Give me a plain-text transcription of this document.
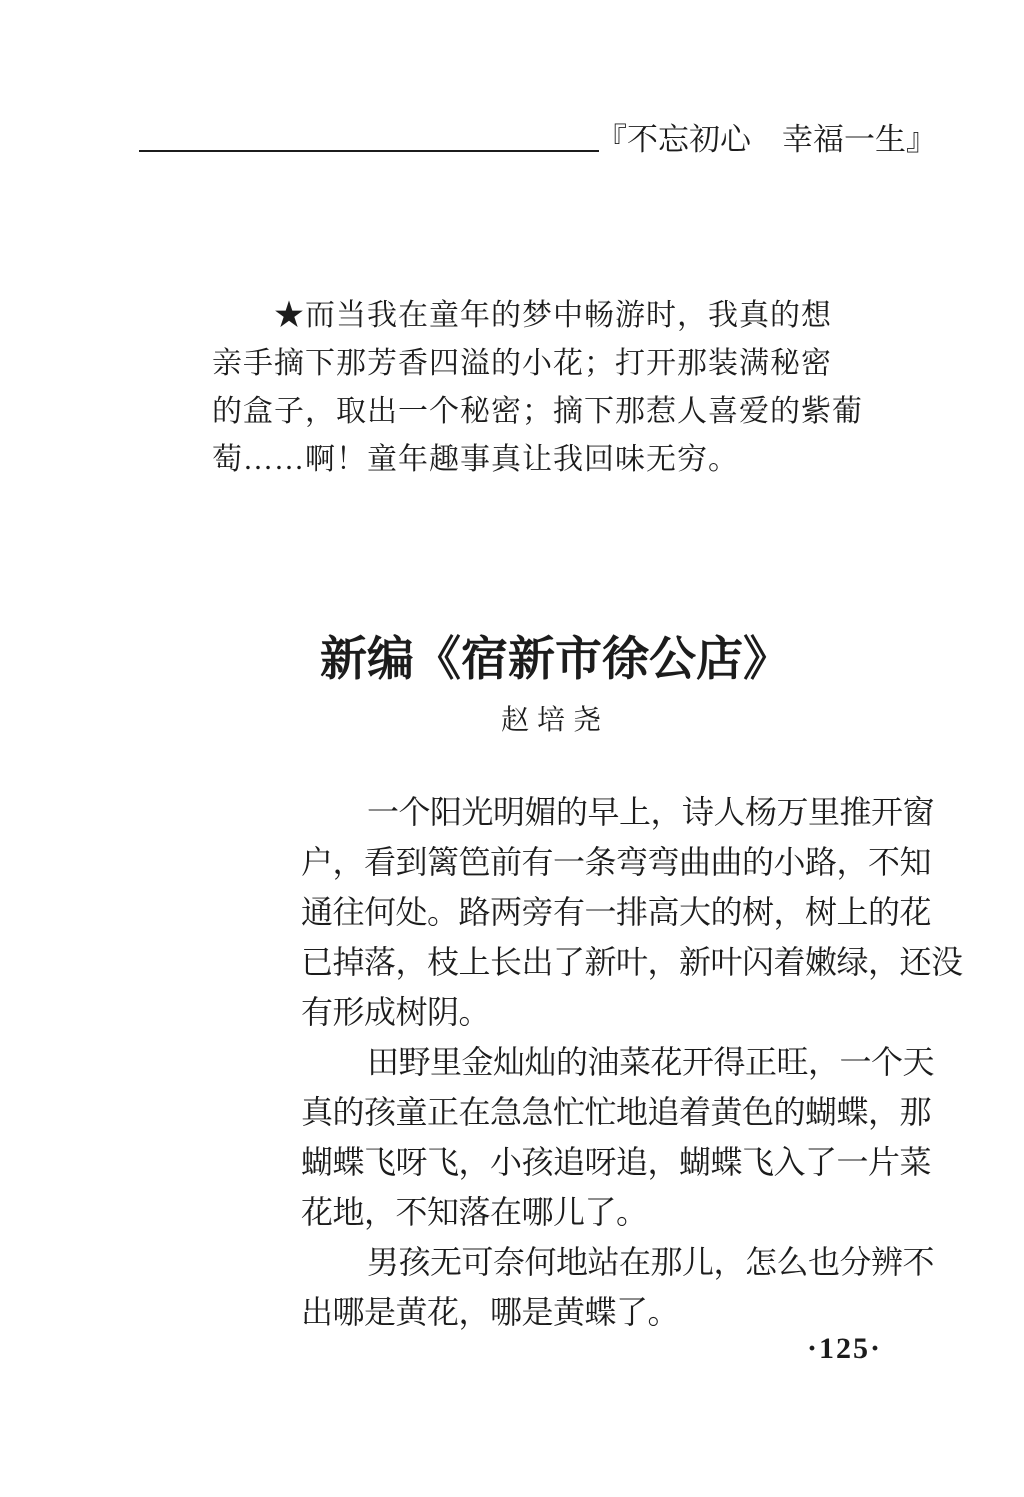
『不忘初心　幸福一生』
★而当我在童年的梦中畅游时，我真的想
亲手摘下那芳香四溢的小花；打开那装满秘密
的盒子，取出一个秘密；摘下那惹人喜爱的紫葡
萄……啊！童年趣事真让我回味无穷。
新编《宿新市徐公店》
赵培尧
一个阳光明媚的早上，诗人杨万里推开窗
户，看到篱笆前有一条弯弯曲曲的小路，不知
通往何处。路两旁有一排高大的树，树上的花
已掉落，枝上长出了新叶，新叶闪着嫩绿，还没
有形成树阴。
田野里金灿灿的油菜花开得正旺，一个天
真的孩童正在急急忙忙地追着黄色的蝴蝶，那
蝴蝶飞呀飞，小孩追呀追，蝴蝶飞入了一片菜
花地，不知落在哪儿了。
男孩无可奈何地站在那儿，怎么也分辨不
出哪是黄花，哪是黄蝶了。
·125·
